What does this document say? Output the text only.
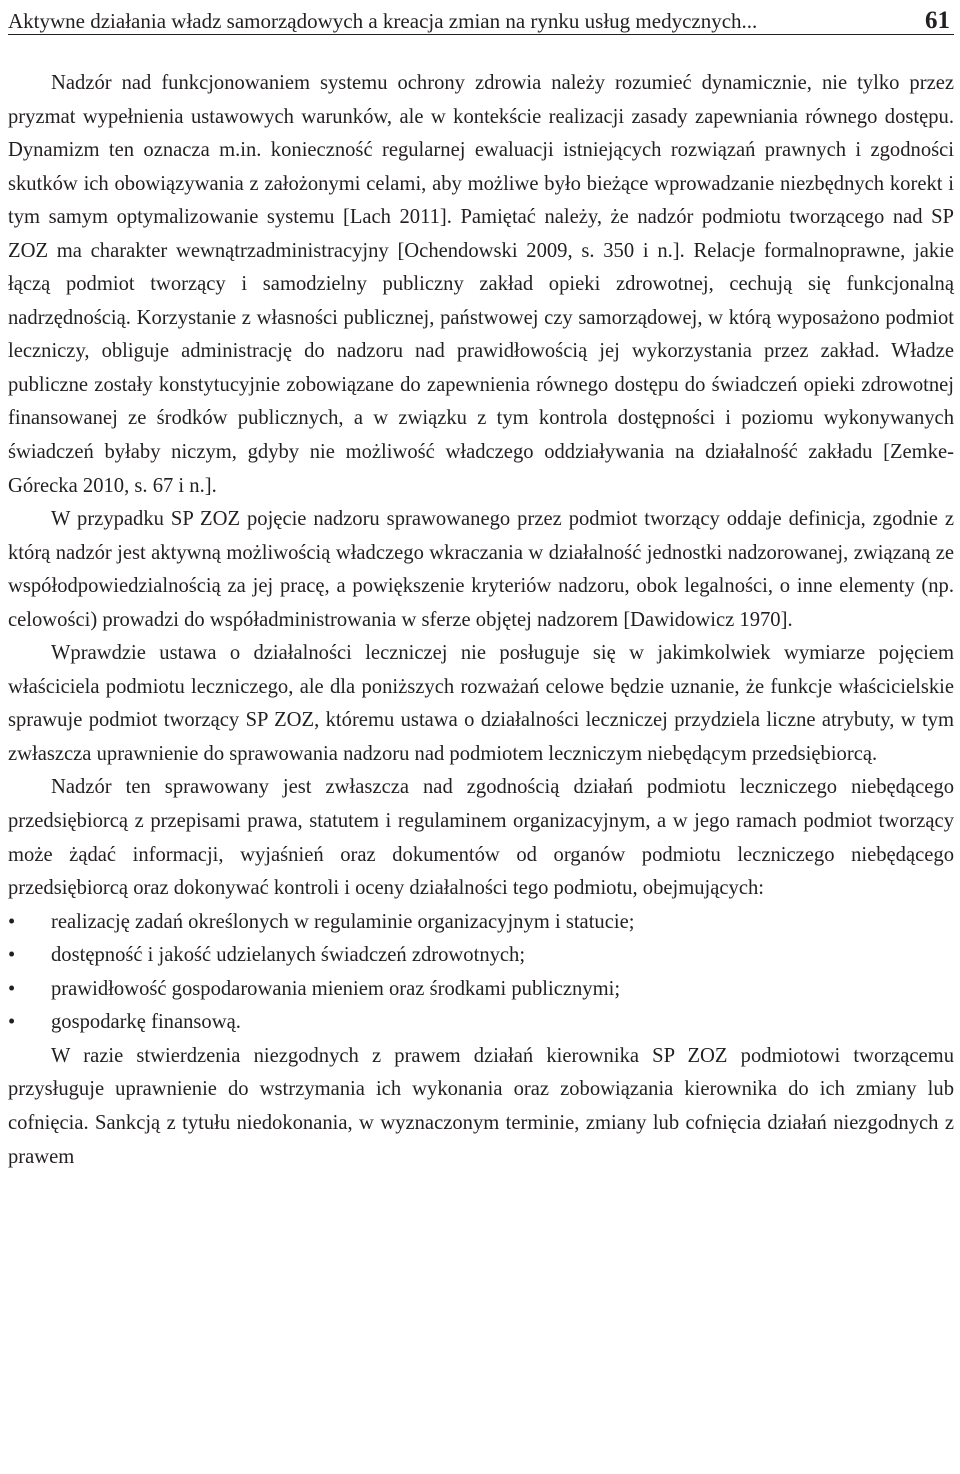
Aktywne działania władz samorządowych a kreacja zmian na rynku usług medycznych...	61

Nadzór nad funkcjonowaniem systemu ochrony zdrowia należy rozumieć dynamicznie, nie tylko przez pryzmat wypełnienia ustawowych warunków, ale w kontekście realizacji zasady zapewniania równego dostępu. Dynamizm ten oznacza m.in. konieczność regularnej ewaluacji istniejących rozwiązań prawnych i zgodności skutków ich obowiązywania z założonymi celami, aby możliwe było bieżące wprowadzanie niezbędnych korekt i tym samym optymalizowanie systemu [Lach 2011]. Pamiętać należy, że nadzór podmiotu tworzącego nad SP ZOZ ma charakter wewnątrzadministracyjny [Ochendowski 2009, s. 350 i n.]. Relacje formalnoprawne, jakie łączą podmiot tworzący i samodzielny publiczny zakład opieki zdrowotnej, cechują się funkcjonalną nadrzędnością. Korzystanie z własności publicznej, państwowej czy samorządowej, w którą wyposażono podmiot leczniczy, obliguje administrację do nadzoru nad prawidłowością jej wykorzystania przez zakład. Władze publiczne zostały konstytucyjnie zobowiązane do zapewnienia równego dostępu do świadczeń opieki zdrowotnej finansowanej ze środków publicznych, a w związku z tym kontrola dostępności i poziomu wykonywanych świadczeń byłaby niczym, gdyby nie możliwość władczego oddziaływania na działalność zakładu [Zemke-Górecka 2010, s. 67 i n.].

W przypadku SP ZOZ pojęcie nadzoru sprawowanego przez podmiot tworzący oddaje definicja, zgodnie z którą nadzór jest aktywną możliwością władczego wkraczania w działalność jednostki nadzorowanej, związaną ze współodpowiedzialnością za jej pracę, a powiększenie kryteriów nadzoru, obok legalności, o inne elementy (np. celowości) prowadzi do współadministrowania w sferze objętej nadzorem [Dawidowicz 1970].

Wprawdzie ustawa o działalności leczniczej nie posługuje się w jakimkolwiek wymiarze pojęciem właściciela podmiotu leczniczego, ale dla poniższych rozważań celowe będzie uznanie, że funkcje właścicielskie sprawuje podmiot tworzący SP ZOZ, któremu ustawa o działalności leczniczej przydziela liczne atrybuty, w tym zwłaszcza uprawnienie do sprawowania nadzoru nad podmiotem leczniczym niebędącym przedsiębiorcą.

Nadzór ten sprawowany jest zwłaszcza nad zgodnością działań podmiotu leczniczego niebędącego przedsiębiorcą z przepisami prawa, statutem i regulaminem organizacyjnym, a w jego ramach podmiot tworzący może żądać informacji, wyjaśnień oraz dokumentów od organów podmiotu leczniczego niebędącego przedsiębiorcą oraz dokonywać kontroli i oceny działalności tego podmiotu, obejmujących:

•	realizację zadań określonych w regulaminie organizacyjnym i statucie;
•	dostępność i jakość udzielanych świadczeń zdrowotnych;
•	prawidłowość gospodarowania mieniem oraz środkami publicznymi;
•	gospodarkę finansową.

W razie stwierdzenia niezgodnych z prawem działań kierownika SP ZOZ podmiotowi tworzącemu przysługuje uprawnienie do wstrzymania ich wykonania oraz zobowiązania kierownika do ich zmiany lub cofnięcia. Sankcją z tytułu niedokonania, w wyznaczonym terminie, zmiany lub cofnięcia działań niezgodnych z prawem
